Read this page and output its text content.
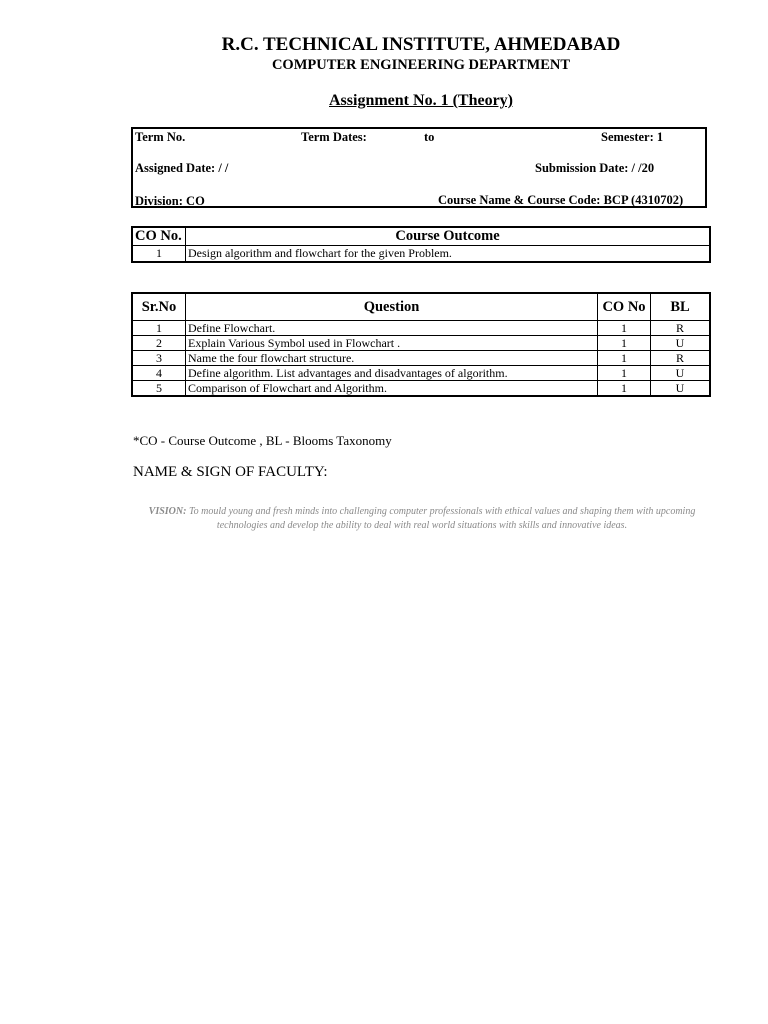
R.C. TECHNICAL INSTITUTE, AHMEDABAD
COMPUTER ENGINEERING DEPARTMENT
Assignment No. 1 (Theory)
Term No.	Term Dates:	to	Semester: 1
Assigned Date: / /	Submission Date: / /20
Division: CO	Course Name & Course Code: BCP (4310702)
CO No.	Course Outcome
1	Design algorithm and flowchart for the given Problem.
Sr.No	Question	CO No	BL
1	Define Flowchart.	1	R
2	Explain Various Symbol used in Flowchart .	1	U
3	Name the four flowchart structure.	1	R
4	Define algorithm. List advantages and disadvantages of algorithm.	1	U
5	Comparison of Flowchart and Algorithm.	1	U
*CO - Course Outcome , BL - Blooms Taxonomy
NAME & SIGN OF FACULTY:
VISION: To mould young and fresh minds into challenging computer professionals with ethical values and shaping them with upcoming technologies and develop the ability to deal with real world situations with skills and innovative ideas.
